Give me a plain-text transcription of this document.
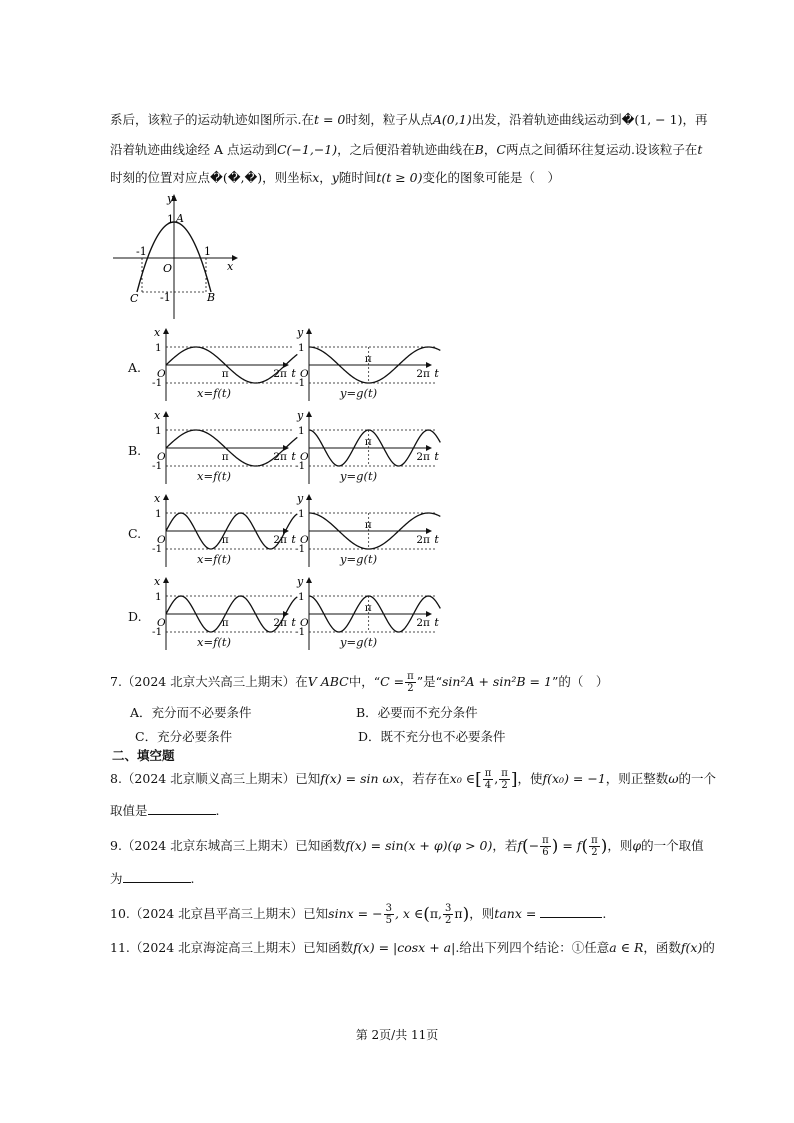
系后，该粒子的运动轨迹如图所示.在t = 0时刻，粒子从点A(0,1)出发，沿着轨迹曲线运动到�(1, − 1)，再
沿着轨迹曲线途经 A 点运动到C(−1,−1)，之后便沿着轨迹曲线在B，C两点之间循环往复运动.设该粒子在t
时刻的位置对应点�(�,�)，则坐标x，y随时间t(t ≥ 0)变化的图象可能是（　）
y
x
1 A
-1
O
1
C -1	B
A.
x
1
-1
O	π	2π t
x=f(t)
y
1
-1
O
π
2π t
y=g(t)
B.
x
1
-1
O	π	2π t
x=f(t)
y
1
-1
O
π
2π t
y=g(t)
C.
x
1
-1
O	π	2π t
x=f(t)
y
1
-1
O
π
2π t
y=g(t)
D.
x
1
-1
O	π	2π t
x=f(t)
y
1
-1
O
π
2π t
y=g(t)
7.（2024 北京大兴高三上期末）在V ABC中，“$C = \frac{\pi}{2}$ ”是“sin²A + sin²B = 1”的（　）
A．充分而不必要条件	B．必要而不充分条件
C．充分必要条件	D．既不充分也不必要条件
二、填空题
8.（2024 北京顺义高三上期末）已知f(x) = sin ωx，若存在x₀ ∈[ $\frac{\pi}{4}$ , $\frac{\pi}{2}$ ]，使f(x₀) = −1，则正整数ω的一个
取值是	.
9.（2024 北京东城高三上期末）已知函数f(x) = sin(x + φ)(φ > 0)，若$f(- \frac{\pi}{6}$ ) = $f( \frac{\pi}{2}$ )，则φ的一个取值
为	.
10.（2024 北京昌平高三上期末）已知sinx = − $\frac{3}{5}$ , x ∈(π, $\frac{3}{2} \pi$)，则tanx =	.
11.（2024 北京海淀高三上期末）已知函数f(x) = |cosx + a|.给出下列四个结论：①任意a ∈ R，函数f(x)的
第 2页/共 11页
